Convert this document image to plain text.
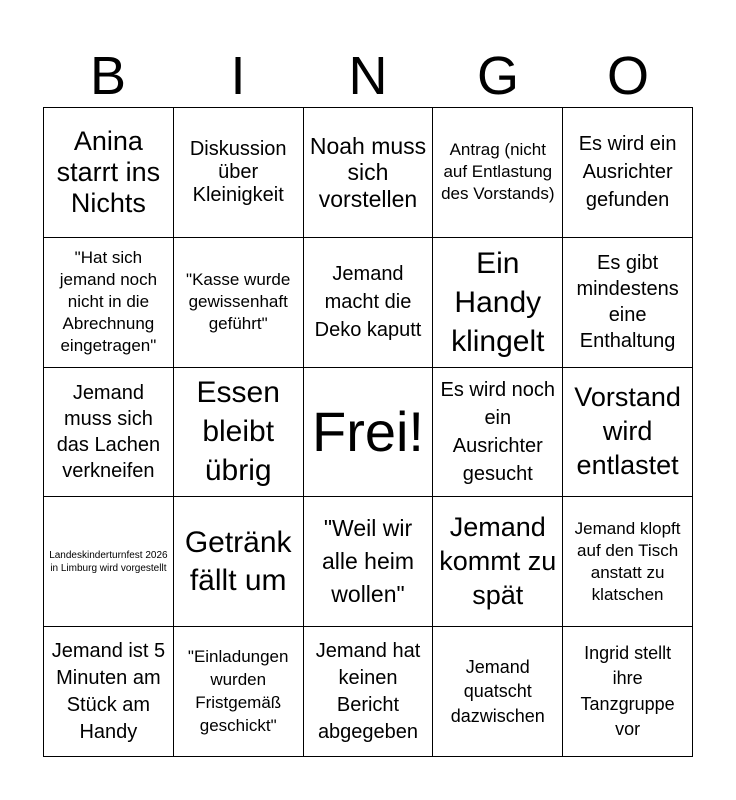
B	I	N	G	O
Anina starrt ins Nichts
Diskussion über Kleinigkeit
Noah muss sich vorstellen
Antrag (nicht auf Entlastung des Vorstands)
Es wird ein Ausrichter gefunden
"Hat sich jemand noch nicht in die Abrechnung eingetragen"
"Kasse wurde gewissenhaft geführt"
Jemand macht die Deko kaputt
Ein Handy klingelt
Es gibt mindestens eine Enthaltung
Jemand muss sich das Lachen verkneifen
Essen bleibt übrig
Frei!
Es wird noch ein Ausrichter gesucht
Vorstand wird entlastet
Landeskinderturnfest 2026 in Limburg wird vorgestellt
Getränk fällt um
"Weil wir alle heim wollen"
Jemand kommt zu spät
Jemand klopft auf den Tisch anstatt zu klatschen
Jemand ist 5 Minuten am Stück am Handy
"Einladungen wurden Fristgemäß geschickt"
Jemand hat keinen Bericht abgegeben
Jemand quatscht dazwischen
Ingrid stellt ihre Tanzgruppe vor
